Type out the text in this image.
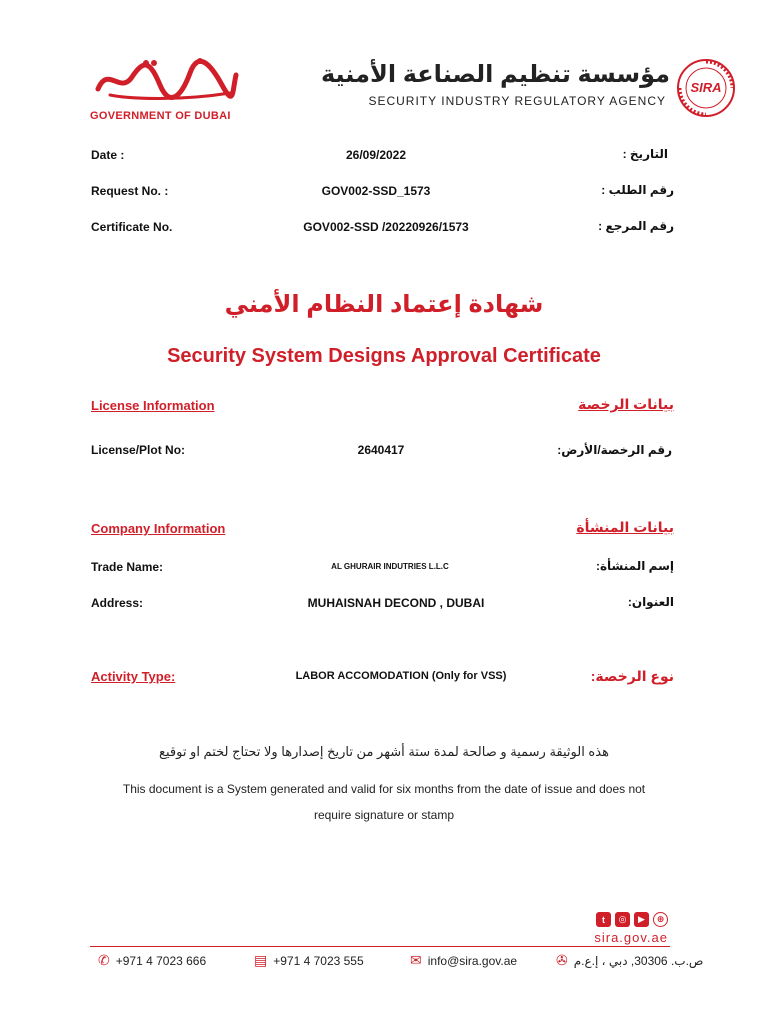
GOVERNMENT OF DUBAI
مؤسسة تنظيم الصناعة الأمنية
SECURITY INDUSTRY REGULATORY AGENCY
SIRA
Date :	26/09/2022	التاريخ :
Request No. :	GOV002-SSD_1573	رقم الطلب :
Certificate No.	GOV002-SSD /20220926/1573	رقم المرجع :
شهادة إعتماد النظام الأمني
Security System Designs Approval Certificate
License Information	بيانات الرخصة
License/Plot No:	2640417	رقم الرخصة/الأرض:
Company Information	بيانات المنشأة
Trade Name:	AL GHURAIR INDUTRIES L.L.C	إسم المنشأة:
Address:	MUHAISNAH DECOND , DUBAI	العنوان:
Activity Type:	LABOR ACCOMODATION (Only for VSS)	نوع الرخصة:
هذه الوثيقة رسمية و صالحة لمدة ستة أشهر من تاريخ إصدارها ولا تحتاج لختم او توقيع
This document is a System generated and valid for six months from the date of issue and does not
require signature or stamp
t	◎	▶	⊕
sira.gov.ae
✆ +971 4 7023 666	▤ +971 4 7023 555	✉ info@sira.gov.ae	✇ ص.ب. 30306, دبي ، إ.ع.م
